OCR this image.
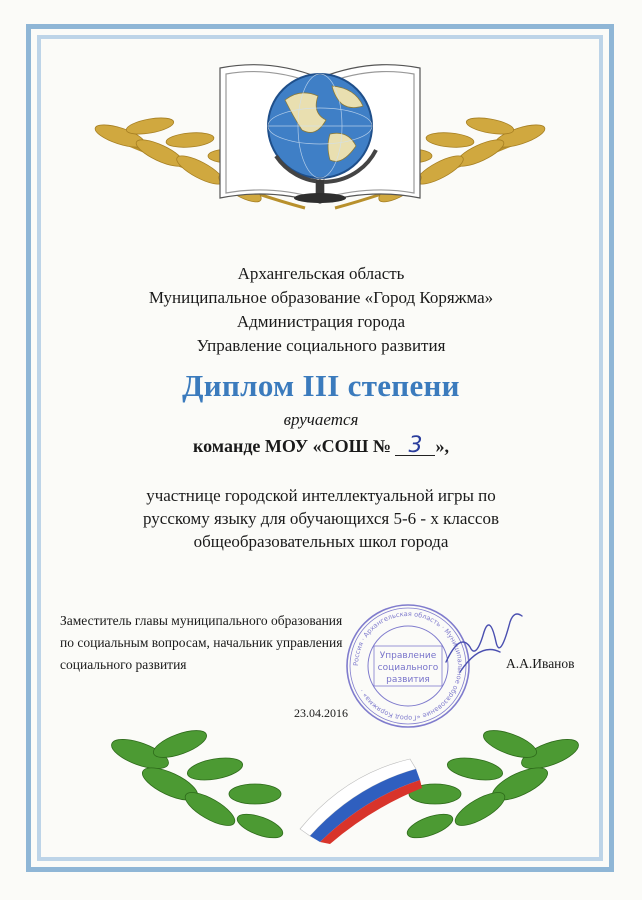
Архангельская область
Муниципальное образование «Город Коряжма»
Администрация города
Управление социального развития
Диплом III степени
вручается
команде МОУ «СОШ № 3 »,
участнице городской интеллектуальной игры по
русскому языку для обучающихся 5-6 - х классов
общеобразовательных школ города
Заместитель главы муниципального образования
по социальным вопросам, начальник управления
социального развития	А.А.Иванов
Россия · Архангельская область · Муниципальное образование «Город Коряжма» ·
Управление
социального
развития
23.04.2016
